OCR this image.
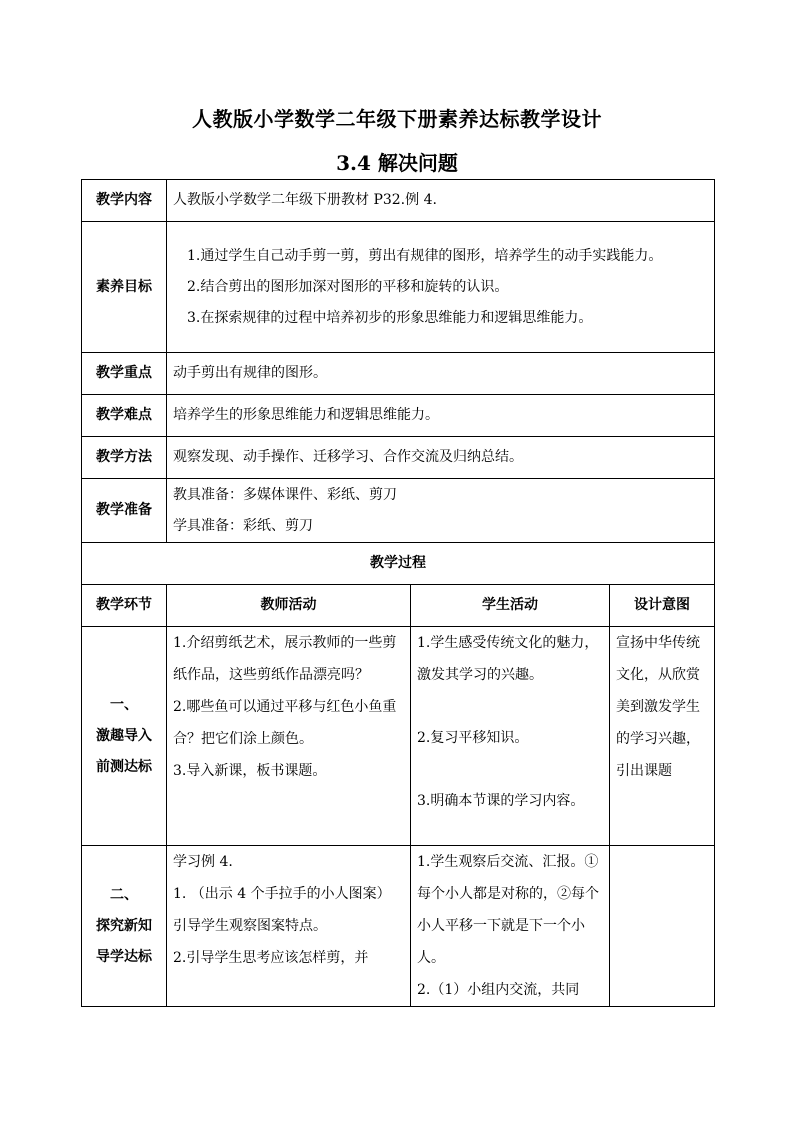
人教版小学数学二年级下册素养达标教学设计
3.4 解决问题
教学内容	人教版小学数学二年级下册教材 P32.例 4.		
素养目标	1.通过学生自己动手剪一剪，剪出有规律的图形，培养学生的动手实践能力。
2.结合剪出的图形加深对图形的平移和旋转的认识。
3.在探索规律的过程中培养初步的形象思维能力和逻辑思维能力。		

教学重点	动手剪出有规律的图形。		
教学难点	培养学生的形象思维能力和逻辑思维能力。		
教学方法	观察发现、动手操作、迁移学习、合作交流及归纳总结。		
教学准备	教具准备：多媒体课件、彩纸、剪刀
学具准备：彩纸、剪刀		

教学过程			
教学环节	教师活动	学生活动	设计意图

一、
激趣导入
前测达标	1.介绍剪纸艺术，展示教师的一些剪纸作品，这些剪纸作品漂亮吗？
2.哪些鱼可以通过平移与红色小鱼重合？把它们涂上颜色。
3.导入新课，板书课题。	1.学生感受传统文化的魅力，激发其学习的兴趣。
2.复习平移知识。
3.明确本节课的学习内容。	宣扬中华传统文化，从欣赏美到激发学生的学习兴趣，引出课题

二、
探究新知
导学达标	学习例 4.
1. （出示 4 个手拉手的小人图案）引导学生观察图案特点。
2.引导学生思考应该怎样剪，并	1.学生观察后交流、汇报。①每个小人都是对称的，②每个小人平移一下就是下一个小人。
2.（1）小组内交流，共同	
